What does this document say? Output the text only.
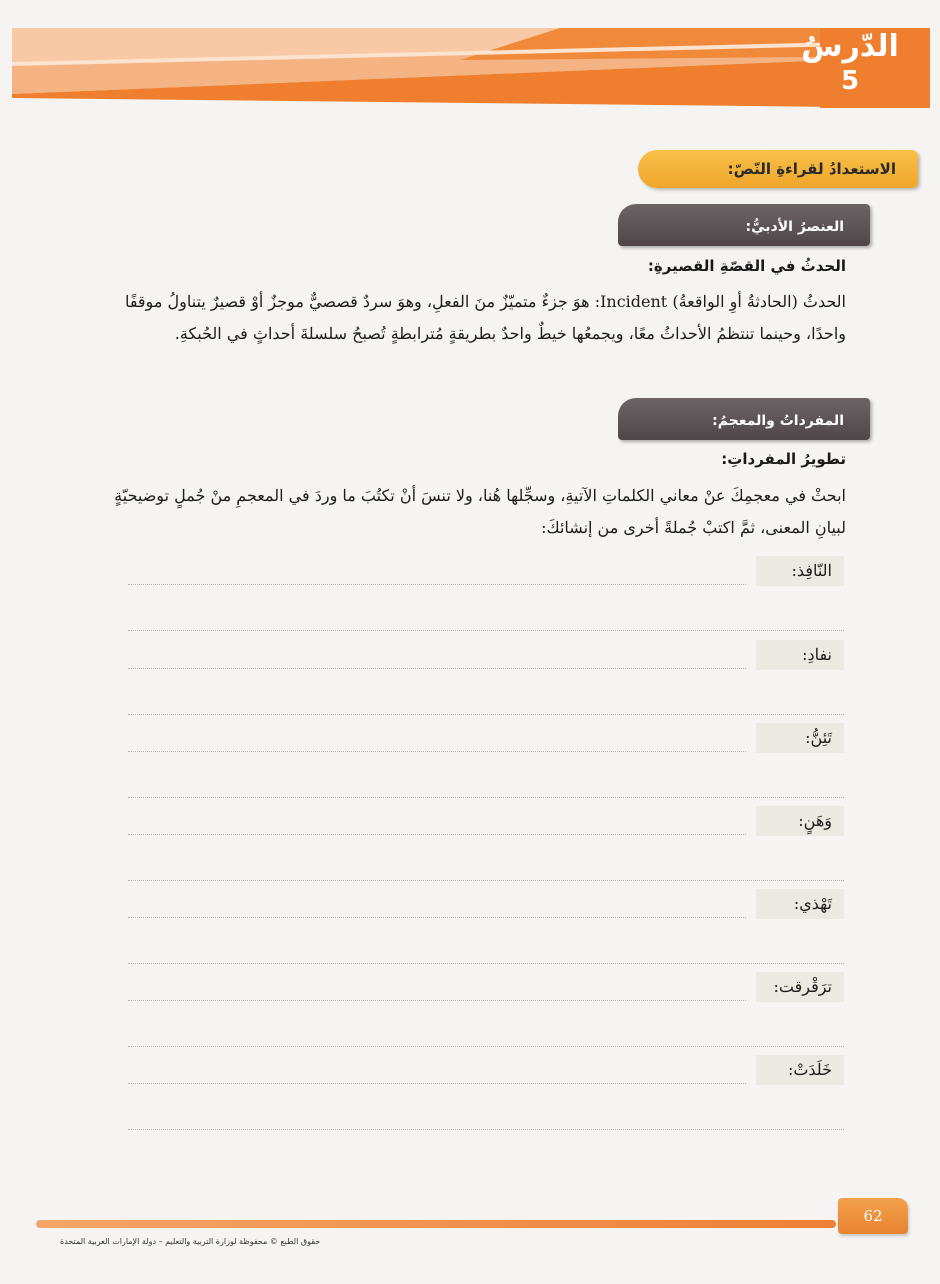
الدّرسُ
5
الاستعدادُ لقراءةِ النّصّ:
العنصرُ الأدبيُّ:
الحدثُ في القصّةِ القصيرةِ:
الحدثُ (الحادثةُ أوِ الواقعةُ) Incident: هوَ جزءٌ متميّزٌ منَ الفعلِ، وهوَ سردٌ قصصيٌّ موجزٌ أوْ قصيرٌ يتناولُ موقفًا واحدًا، وحينما تنتظمُ الأحداثُ معًا، ويجمعُها خيطٌ واحدٌ بطريقةٍ مُترابطةٍ تُصبحُ سلسلةَ أحداثٍ في الحُبكةِ.
المفرداتُ والمعجمُ:
تطويرُ المفرداتِ:
ابحثْ في معجمِكَ عنْ معاني الكلماتِ الآتيةِ، وسجِّلها هُنا، ولا تنسَ أنْ تكتُبَ ما وردَ في المعجمِ منْ جُملٍ توضيحيّةٍ لبيانِ المعنى، ثمَّ اكتبْ جُملةً أخرى من إنشائكَ:
النّافِذ:
نفادِ:
تَئِنُّ:
وَهَنٍ:
تَهْذي:
ترَقْرقت:
خَلَدَتْ:
62
حقوق الطبع © محفوظة لوزارة التربية والتعليم – دولة الإمارات العربية المتحدة
